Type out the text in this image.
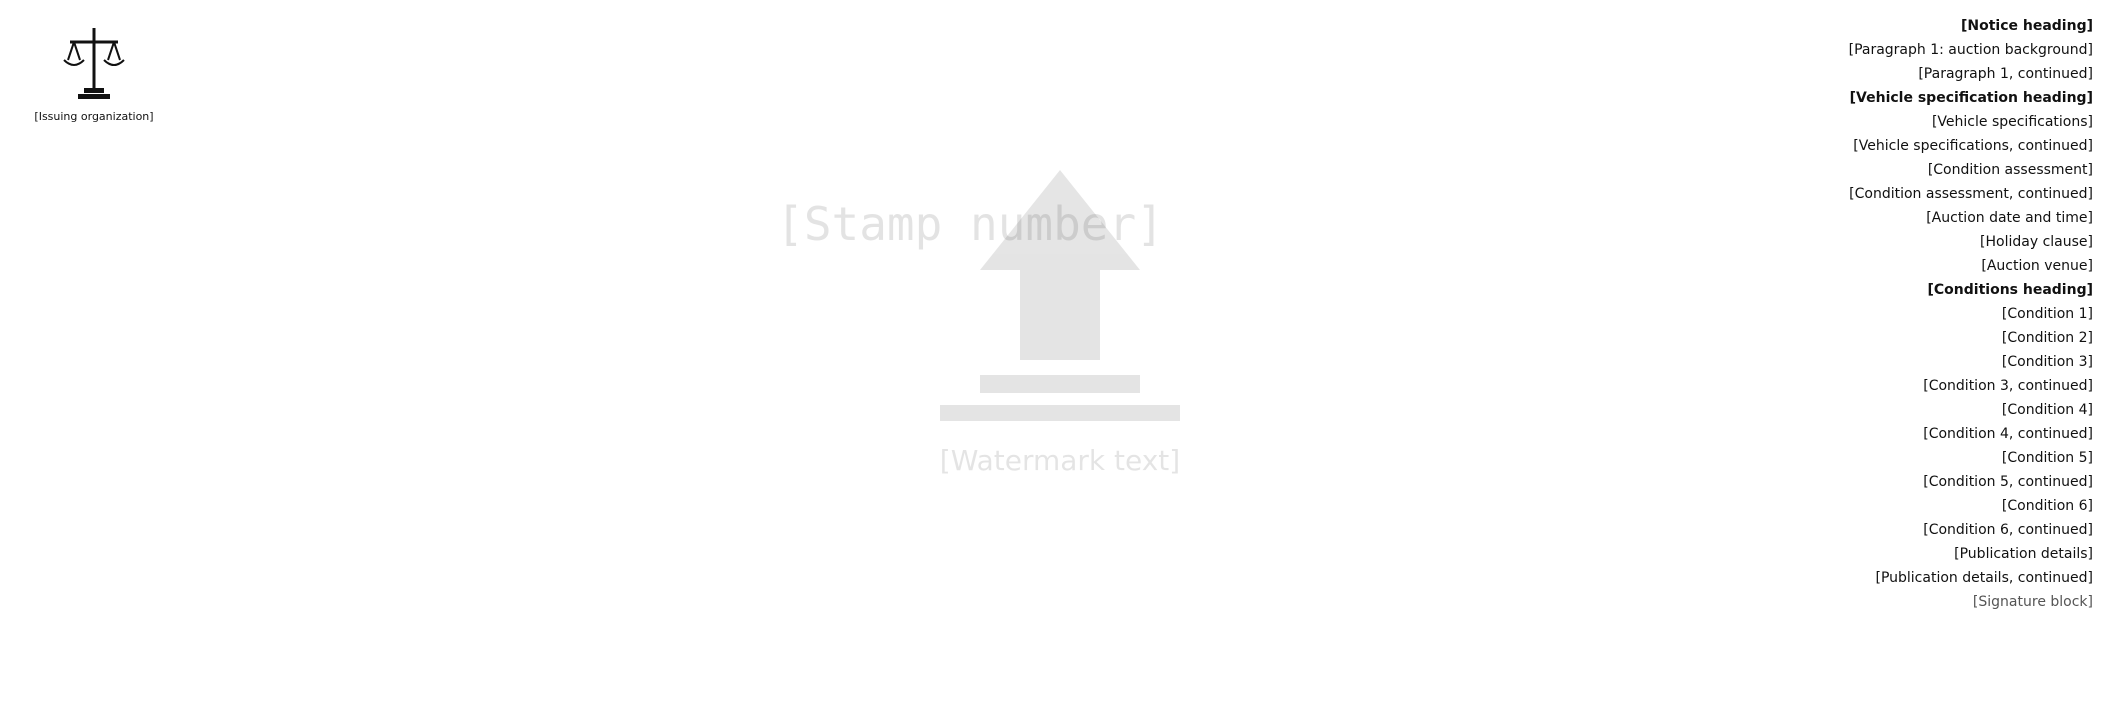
[Issuing organization]
[Watermark text]
[Stamp number]

[Notice heading]

[Paragraph 1: auction background]

[Paragraph 1, continued]

[Vehicle specification heading]

[Vehicle specifications]

[Vehicle specifications, continued]

[Condition assessment]

[Condition assessment, continued]

[Auction date and time]

[Holiday clause]

[Auction venue]

[Conditions heading]

[Condition 1]

[Condition 2]

[Condition 3]

[Condition 3, continued]

[Condition 4]

[Condition 4, continued]

[Condition 5]

[Condition 5, continued]

[Condition 6]

[Condition 6, continued]

[Publication details]

[Publication details, continued]

[Signature block]
